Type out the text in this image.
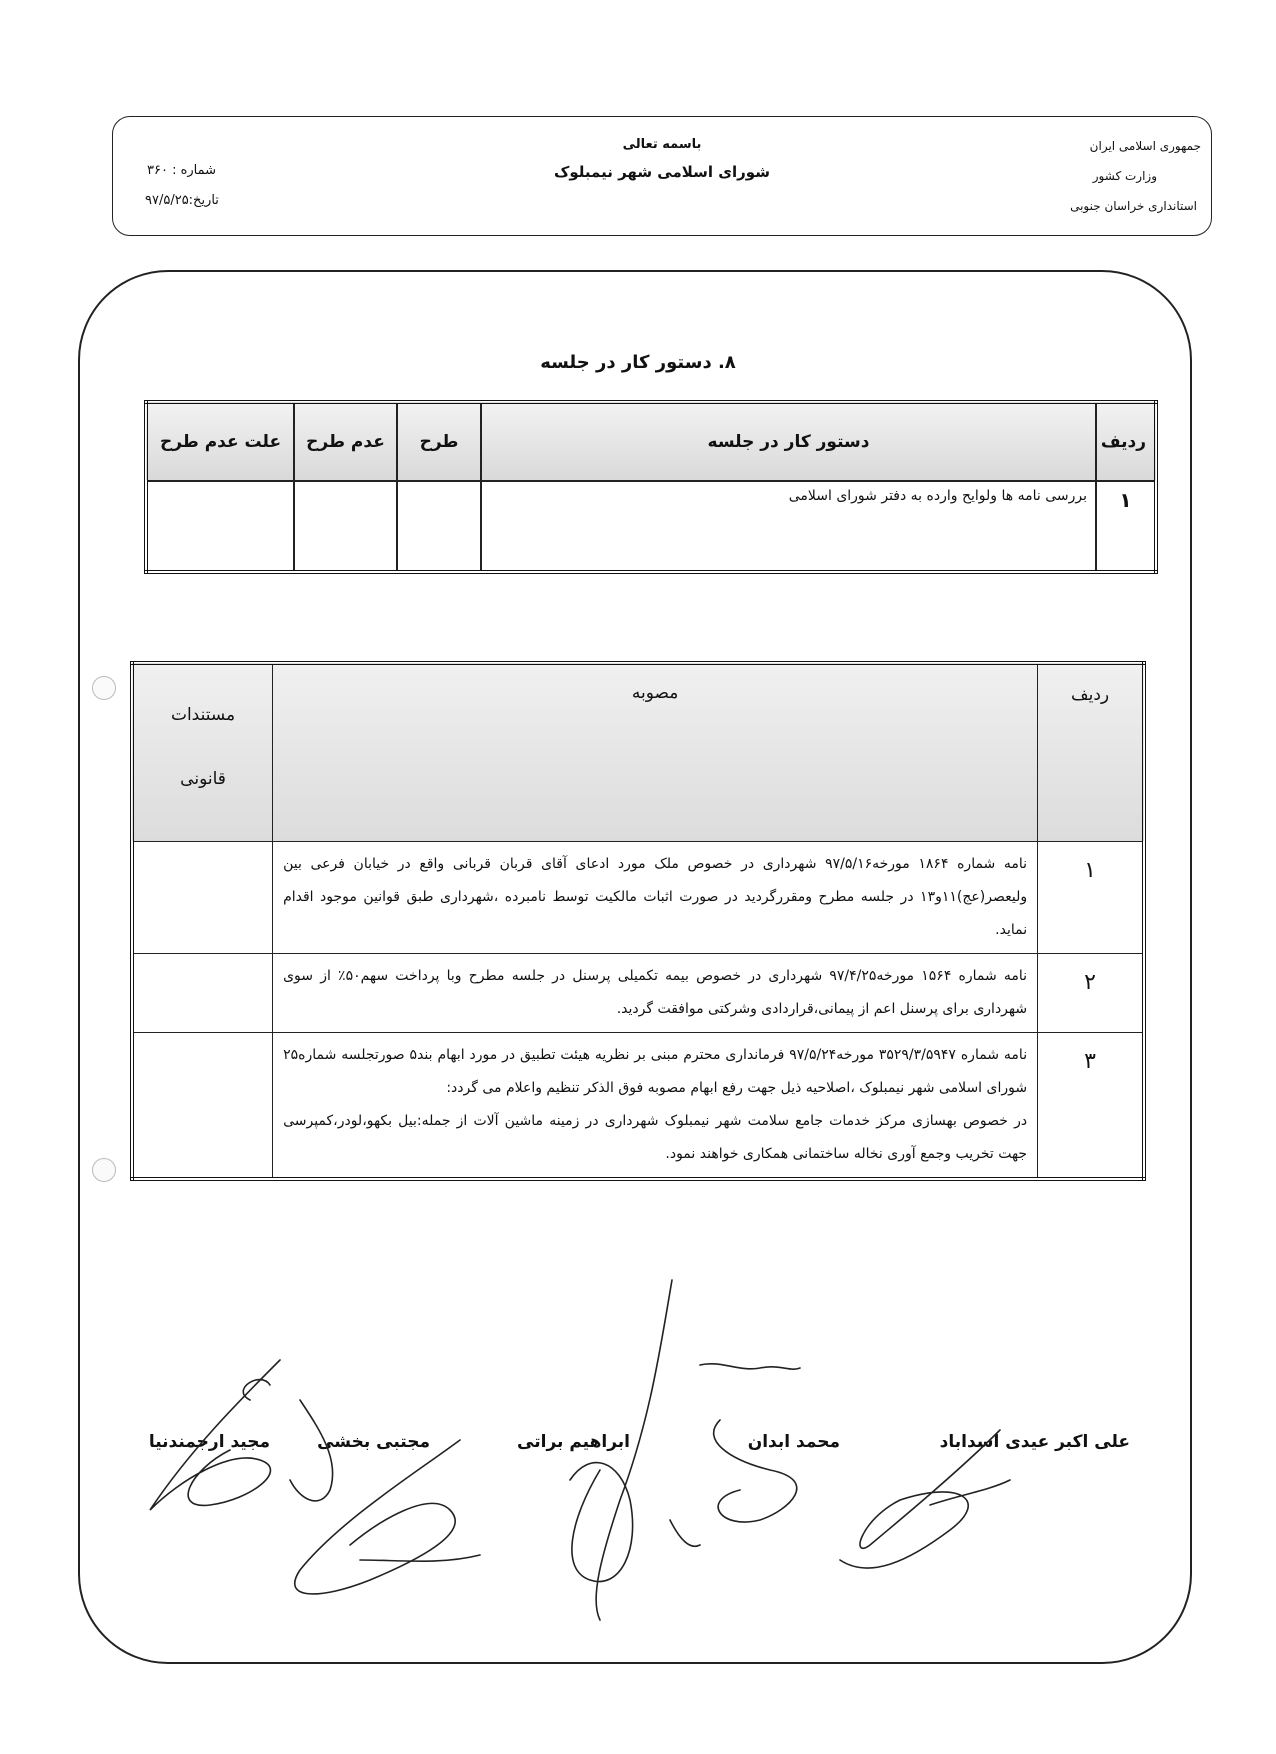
جمهوری اسلامی ایران
وزارت کشور
استانداری خراسان جنوبی
باسمه تعالی
شورای اسلامی شهر نیمبلوک
شماره : ۳۶۰
تاریخ:۹۷/۵/۲۵
۸. دستور کار در جلسه
ردیف	دستور کار در جلسه	طرح	عدم طرح	علت عدم طرح
۱	بررسی نامه ها ولوایح وارده به دفتر شورای اسلامی			
ردیف	مصوبه	مستندات
قانونی

۱	نامه شماره ۱۸۶۴ مورخه۹۷/۵/۱۶ شهرداری در خصوص ملک مورد ادعای آقای قربان قربانی واقع در خیابان فرعی بین ولیعصر(عج)۱۱و۱۳ در جلسه مطرح ومقررگردید در صورت اثبات مالکیت توسط نامبرده ،شهرداری طبق قوانین موجود اقدام نماید.	
۲	نامه شماره ۱۵۶۴ مورخه۹۷/۴/۲۵ شهرداری در خصوص بیمه تکمیلی پرسنل در جلسه مطرح وبا پرداخت سهم۵۰٪ از سوی شهرداری برای پرسنل اعم از پیمانی،قراردادی وشرکتی موافقت گردید.	
۳	نامه شماره ۳۵۲۹/۳/۵۹۴۷ مورخه۹۷/۵/۲۴ فرمانداری محترم مبنی بر نظریه هیئت تطبیق در مورد ابهام بند۵ صورتجلسه شماره۲۵ شورای اسلامی شهر نیمبلوک ،اصلاحیه ذیل جهت رفع ابهام مصوبه فوق الذکر تنظیم واعلام می گردد:
در خصوص بهسازی مرکز خدمات جامع سلامت شهر نیمبلوک شهرداری در زمینه ماشین آلات از جمله:بیل بکهو،لودر،کمپرسی جهت تخریب وجمع آوری نخاله ساختمانی همکاری خواهند نمود.	

علی اکبر عیدی اسداباد
محمد ابدان
ابراهیم براتی
مجتبی بخشی
مجید ارجمندنیا
